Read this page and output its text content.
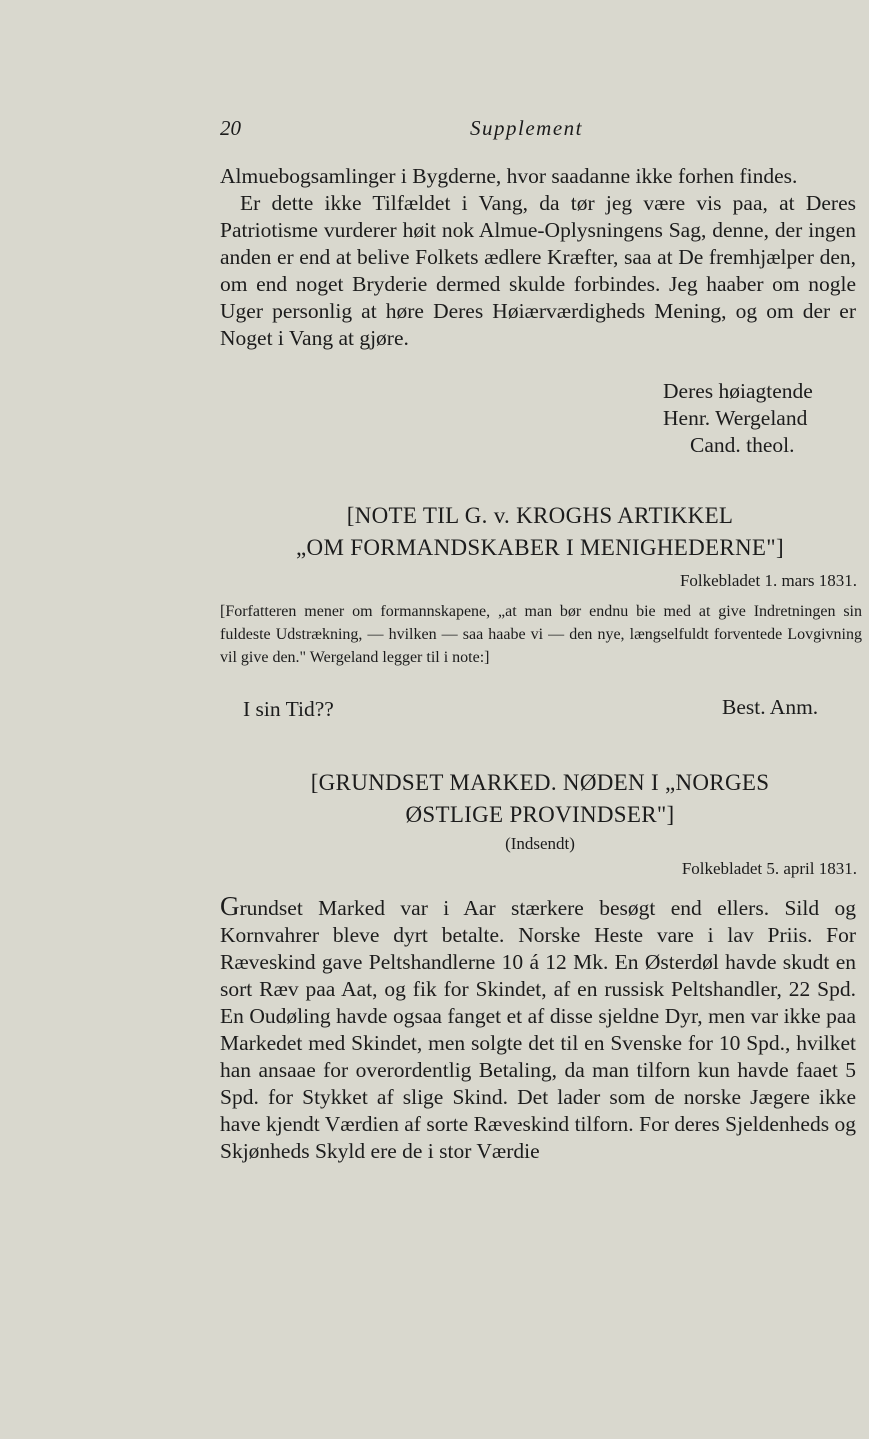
20	Supplement

Almuebogsamlinger i Bygderne, hvor saadanne ikke forhen findes.

Er dette ikke Tilfældet i Vang, da tør jeg være vis paa, at Deres Patriotisme vurderer høit nok Almue-Oplysningens Sag, denne, der ingen anden er end at belive Folkets ædlere Kræfter, saa at De fremhjælper den, om end noget Bryderie dermed skulde forbindes. Jeg haaber om nogle Uger personlig at høre Deres Høiærværdigheds Mening, og om der er Noget i Vang at gjøre.

Deres høiagtende
Henr. Wergeland
Cand. theol.
[NOTE TIL G. v. KROGHS ARTIKKEL
„OM FORMANDSKABER I MENIGHEDERNE"]
Folkebladet 1. mars 1831.
[Forfatteren mener om formannskapene, „at man bør endnu bie med at give Indretningen sin fuldeste Udstrækning, — hvilken — saa haabe vi — den nye, længselfuldt forventede Lovgivning vil give den." Wergeland legger til i note:]
I sin Tid??	Best. Anm.
[GRUNDSET MARKED. NØDEN I „NORGES
ØSTLIGE PROVINDSER"]
(Indsendt)
Folkebladet 5. april 1831.
Grundset Marked var i Aar stærkere besøgt end ellers. Sild og Kornvahrer bleve dyrt betalte. Norske Heste vare i lav Priis. For Ræveskind gave Peltshandlerne 10 á 12 Mk. En Østerdøl havde skudt en sort Ræv paa Aat, og fik for Skindet, af en russisk Peltshandler, 22 Spd. En Oudøling havde ogsaa fanget et af disse sjeldne Dyr, men var ikke paa Markedet med Skindet, men solgte det til en Svenske for 10 Spd., hvilket han ansaae for overordentlig Betaling, da man tilforn kun havde faaet 5 Spd. for Stykket af slige Skind. Det lader som de norske Jægere ikke have kjendt Værdien af sorte Ræveskind tilforn. For deres Sjeldenheds og Skjønheds Skyld ere de i stor Værdie
